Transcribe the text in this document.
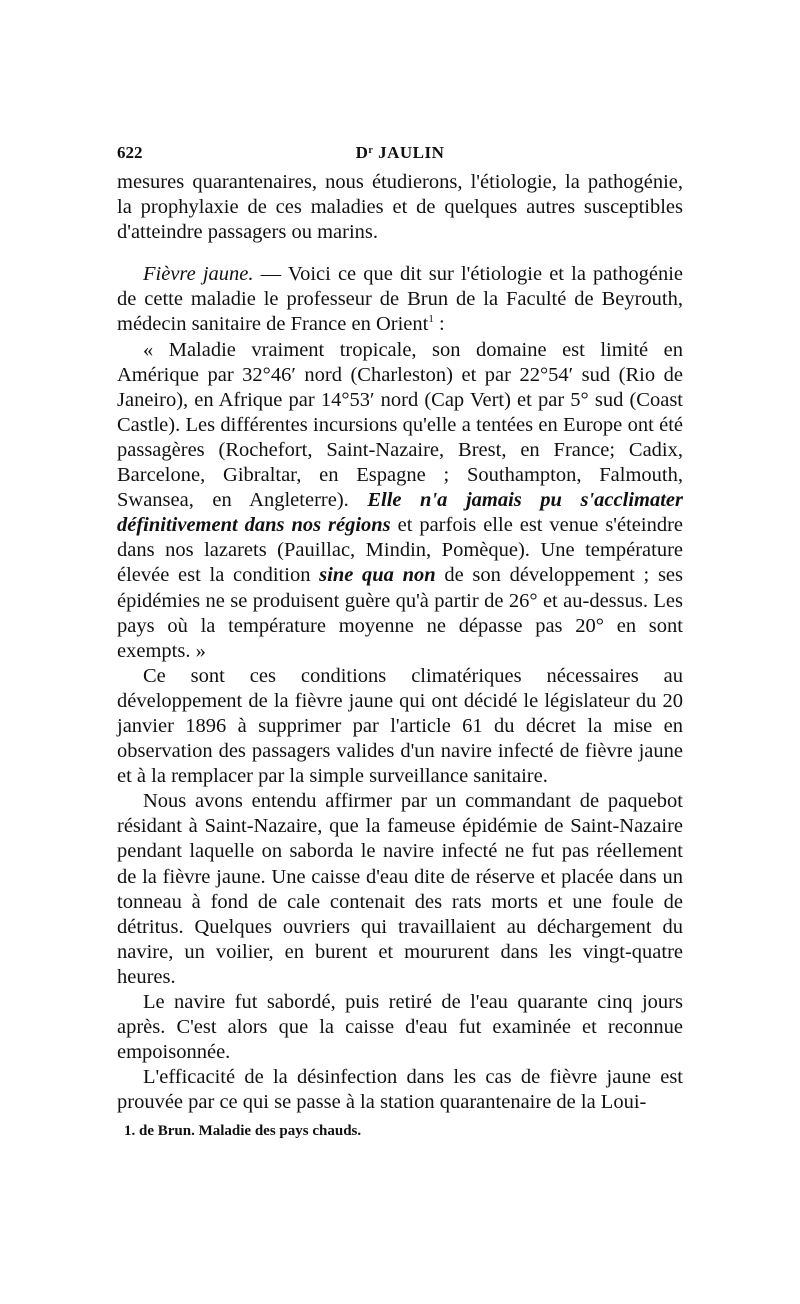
622	$D^r$ JAULIN

mesures quarantenaires, nous étudierons, l'étiologie, la pathogénie, la prophylaxie de ces maladies et de quelques autres susceptibles d'atteindre passagers ou marins.

Fièvre jaune. — Voici ce que dit sur l'étiologie et la pathogénie de cette maladie le professeur de Brun de la Faculté de Beyrouth, médecin sanitaire de France en Orient$^1$ :

« Maladie vraiment tropicale, son domaine est limité en Amérique par 32°46′ nord (Charleston) et par 22°54′ sud (Rio de Janeiro), en Afrique par 14°53′ nord (Cap Vert) et par 5° sud (Coast Castle). Les différentes incursions qu'elle a tentées en Europe ont été passagères (Rochefort, Saint-Nazaire, Brest, en France; Cadix, Barcelone, Gibraltar, en Espagne ; Southampton, Falmouth, Swansea, en Angleterre). Elle n'a jamais pu s'acclimater définitivement dans nos régions et parfois elle est venue s'éteindre dans nos lazarets (Pauillac, Mindin, Pomèque). Une température élevée est la condition sine qua non de son développement ; ses épidémies ne se produisent guère qu'à partir de 26° et au-dessus. Les pays où la température moyenne ne dépasse pas 20° en sont exempts. »

Ce sont ces conditions climatériques nécessaires au développement de la fièvre jaune qui ont décidé le législateur du 20 janvier 1896 à supprimer par l'article 61 du décret la mise en observation des passagers valides d'un navire infecté de fièvre jaune et à la remplacer par la simple surveillance sanitaire.

Nous avons entendu affirmer par un commandant de paquebot résidant à Saint-Nazaire, que la fameuse épidémie de Saint-Nazaire pendant laquelle on saborda le navire infecté ne fut pas réellement de la fièvre jaune. Une caisse d'eau dite de réserve et placée dans un tonneau à fond de cale contenait des rats morts et une foule de détritus. Quelques ouvriers qui travaillaient au déchargement du navire, un voilier, en burent et moururent dans les vingt-quatre heures.

Le navire fut sabordé, puis retiré de l'eau quarante cinq jours après. C'est alors que la caisse d'eau fut examinée et reconnue empoisonnée.

L'efficacité de la désinfection dans les cas de fièvre jaune est prouvée par ce qui se passe à la station quarantenaire de la Loui-

1. de Brun. Maladie des pays chauds.
